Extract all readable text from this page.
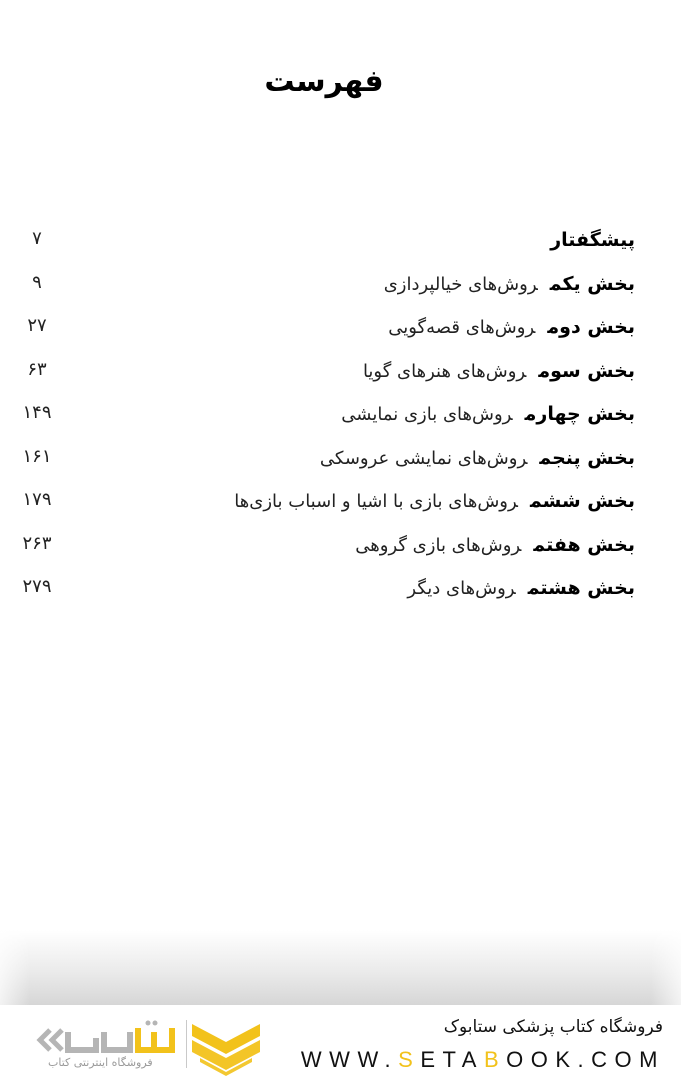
فهرست
پیشگفتار
۷
بخش یکمروش‌های خیالپردازی
۹
بخش دومروش‌های قصه‌گویی
۲۷
بخش سومروش‌های هنرهای گویا
۶۳
بخش چهارمروش‌های بازی نمایشی
۱۴۹
بخش پنجمروش‌های نمایشی عروسکی
۱۶۱
بخش ششمروش‌های بازی با اشیا و اسباب بازی‌ها
۱۷۹
بخش هفتمروش‌های بازی گروهی
۲۶۳
بخش هشتمروش‌های دیگر
۲۷۹
فروشگاه کتاب پزشکی ستابوک
WWW.SETABOOK.COM
فروشگاه اینترنتی کتاب
